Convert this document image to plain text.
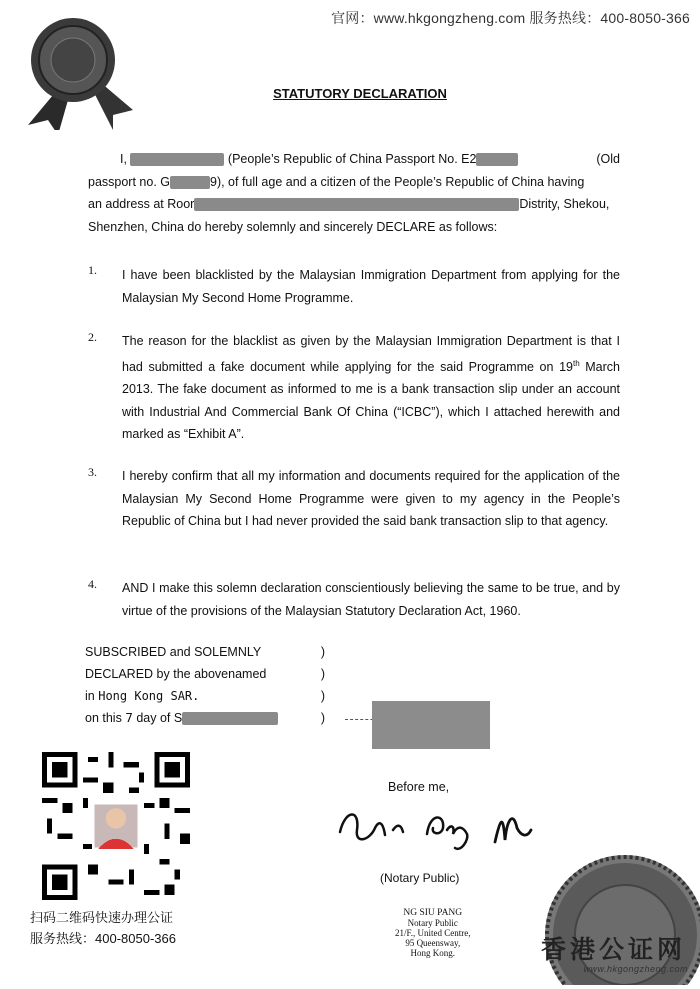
官网：www.hkgongzheng.com 服务热线：400-8050-366
STATUTORY DECLARATION
I,	(People’s Republic of China Passport No. E2	(Old
passport no. G	9), of full age and a citizen of the People’s Republic of China having
an address at Roor	Distrity, Shekou,
Shenzhen, China do hereby solemnly and sincerely DECLARE as follows:
1. I have been blacklisted by the Malaysian Immigration Department from applying for the Malaysian My Second Home Programme.
2. The reason for the blacklist as given by the Malaysian Immigration Department is that I had submitted a fake document while applying for the said Programme on 19th March 2013. The fake document as informed to me is a bank transaction slip under an account with Industrial And Commercial Bank Of China (“ICBC”), which I attached herewith and marked as “Exhibit A”.
3. I hereby confirm that all my information and documents required for the application of the Malaysian My Second Home Programme were given to my agency in the People’s Republic of China but I had never provided the said bank transaction slip to that agency.
4. AND I make this solemn declaration conscientiously believing the same to be true, and by virtue of the provisions of the Malaysian Statutory Declaration Act, 1960.
SUBSCRIBED and SOLEMNLY	)
DECLARED by the abovenamed	)
in Hong Kong SAR.	)
on this 7 day of S	)
Before me,
(Notary Public)
NG SIU PANG
Notary Public
21/F., United Centre,
95 Queensway,
Hong Kong.
扫码二维码快速办理公证
服务热线：400-8050-366	香港公证网
www.hkgongzheng.com
